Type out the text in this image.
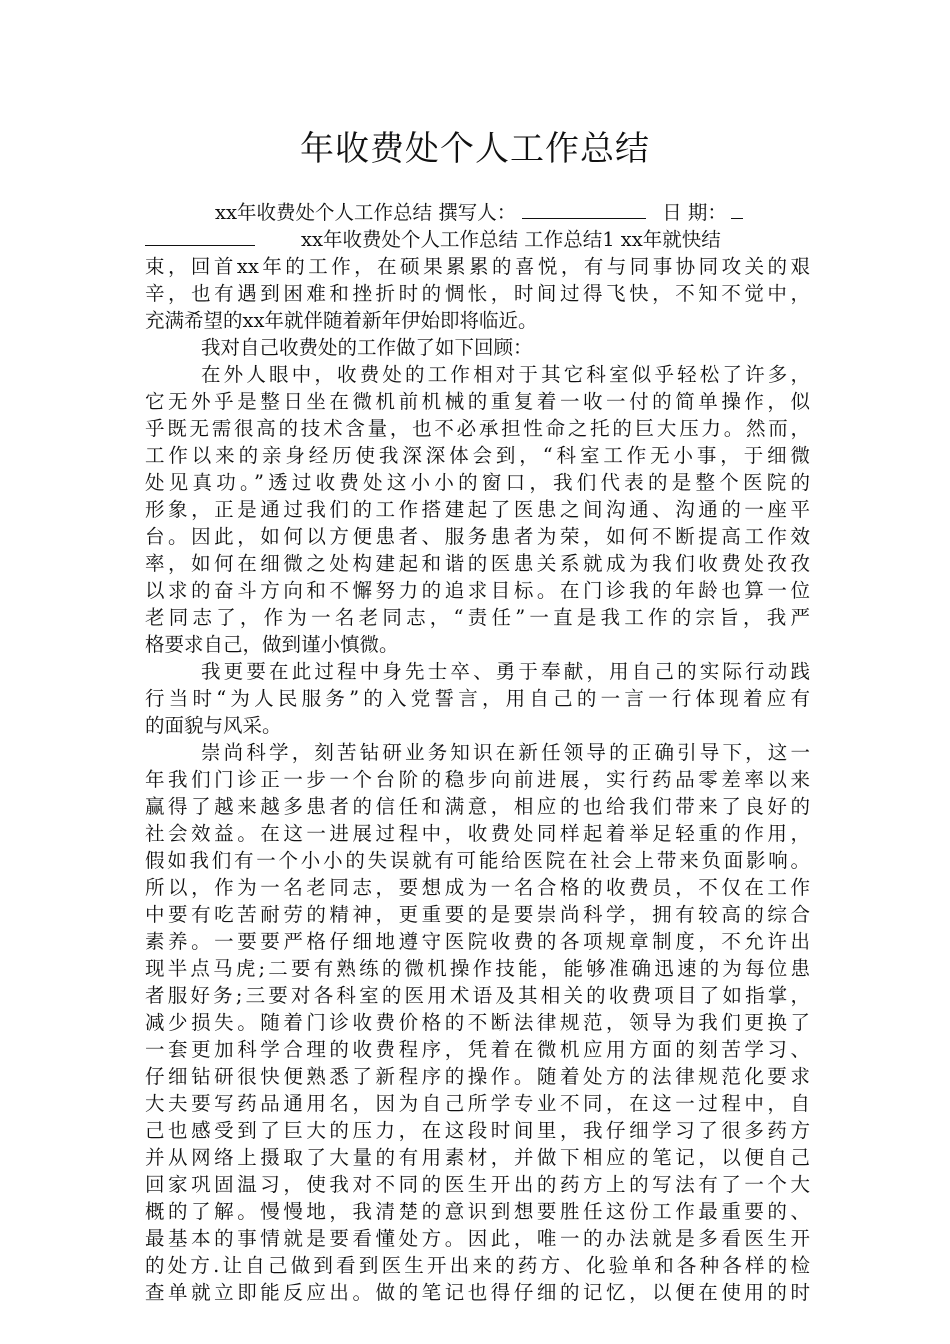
年收费处个人工作总结
xx年收费处个人工作总结 撰写人：	日 期：
xx年收费处个人工作总结 工作总结1 xx年就快结
束，回首xx年的工作，在硕果累累的喜悦，有与同事协同攻关的艰
辛，也有遇到困难和挫折时的惆怅，时间过得飞快，不知不觉中，
充满希望的xx年就伴随着新年伊始即将临近。
我对自己收费处的工作做了如下回顾：
在外人眼中，收费处的工作相对于其它科室似乎轻松了许多，
它无外乎是整日坐在微机前机械的重复着一收一付的简单操作，似
乎既无需很高的技术含量，也不必承担性命之托的巨大压力。然而，
工作以来的亲身经历使我深深体会到，“科室工作无小事，于细微
处见真功。”透过收费处这小小的窗口，我们代表的是整个医院的
形象，正是通过我们的工作搭建起了医患之间沟通、沟通的一座平
台。因此，如何以方便患者、服务患者为荣，如何不断提高工作效
率，如何在细微之处构建起和谐的医患关系就成为我们收费处孜孜
以求的奋斗方向和不懈努力的追求目标。在门诊我的年龄也算一位
老同志了，作为一名老同志，“责任”一直是我工作的宗旨，我严
格要求自己，做到谨小慎微。
我更要在此过程中身先士卒、勇于奉献，用自己的实际行动践
行当时“为人民服务”的入党誓言，用自己的一言一行体现着应有
的面貌与风采。
崇尚科学，刻苦钻研业务知识在新任领导的正确引导下，这一
年我们门诊正一步一个台阶的稳步向前进展，实行药品零差率以来
赢得了越来越多患者的信任和满意，相应的也给我们带来了良好的
社会效益。在这一进展过程中，收费处同样起着举足轻重的作用，
假如我们有一个小小的失误就有可能给医院在社会上带来负面影响。
所以，作为一名老同志，要想成为一名合格的收费员，不仅在工作
中要有吃苦耐劳的精神，更重要的是要崇尚科学，拥有较高的综合
素养。一要要严格仔细地遵守医院收费的各项规章制度，不允许出
现半点马虎;二要有熟练的微机操作技能，能够准确迅速的为每位患
者服好务;三要对各科室的医用术语及其相关的收费项目了如指掌，
减少损失。随着门诊收费价格的不断法律规范，领导为我们更换了
一套更加科学合理的收费程序，凭着在微机应用方面的刻苦学习、
仔细钻研很快便熟悉了新程序的操作。随着处方的法律规范化要求
大夫要写药品通用名，因为自己所学专业不同，在这一过程中，自
己也感受到了巨大的压力，在这段时间里，我仔细学习了很多药方
并从网络上摄取了大量的有用素材，并做下相应的笔记，以便自己
回家巩固温习，使我对不同的医生开出的药方上的写法有了一个大
概的了解。慢慢地，我清楚的意识到想要胜任这份工作最重要的、
最基本的事情就是要看懂处方。因此，唯一的办法就是多看医生开
的处方.让自己做到看到医生开出来的药方、化验单和各种各样的检
查单就立即能反应出。做的笔记也得仔细的记忆，以便在使用的时
